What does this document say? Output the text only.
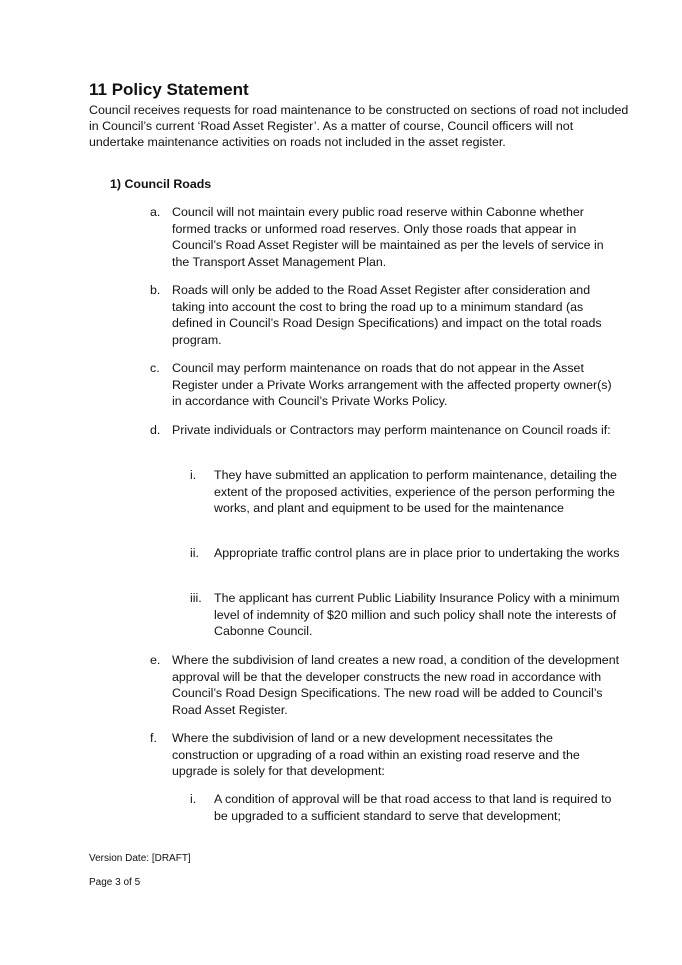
11 Policy Statement

Council receives requests for road maintenance to be constructed on sections of road not included in Council’s current ‘Road Asset Register’. As a matter of course, Council officers will not undertake maintenance activities on roads not included in the asset register.

1) Council Roads

a. Council will not maintain every public road reserve within Cabonne whether formed tracks or unformed road reserves. Only those roads that appear in Council’s Road Asset Register will be maintained as per the levels of service in the Transport Asset Management Plan.
b. Roads will only be added to the Road Asset Register after consideration and taking into account the cost to bring the road up to a minimum standard (as defined in Council’s Road Design Specifications) and impact on the total roads program.
c. Council may perform maintenance on roads that do not appear in the Asset Register under a Private Works arrangement with the affected property owner(s) in accordance with Council’s Private Works Policy.
d. Private individuals or Contractors may perform maintenance on Council roads if:
i.	They have submitted an application to perform maintenance, detailing the extent of the proposed activities, experience of the person performing the works, and plant and equipment to be used for the maintenance
ii.	Appropriate traffic control plans are in place prior to undertaking the works
iii. The applicant has current Public Liability Insurance Policy with a minimum level of indemnity of $20 million and such policy shall note the interests of Cabonne Council.
e. Where the subdivision of land creates a new road, a condition of the development approval will be that the developer constructs the new road in accordance with Council’s Road Design Specifications. The new road will be added to Council’s Road Asset Register.
f.	Where the subdivision of land or a new development necessitates the construction or upgrading of a road within an existing road reserve and the upgrade is solely for that development:
i.	A condition of approval will be that road access to that land is required to be upgraded to a sufficient standard to serve that development;
Version Date: [DRAFT]
Page 3 of 5
